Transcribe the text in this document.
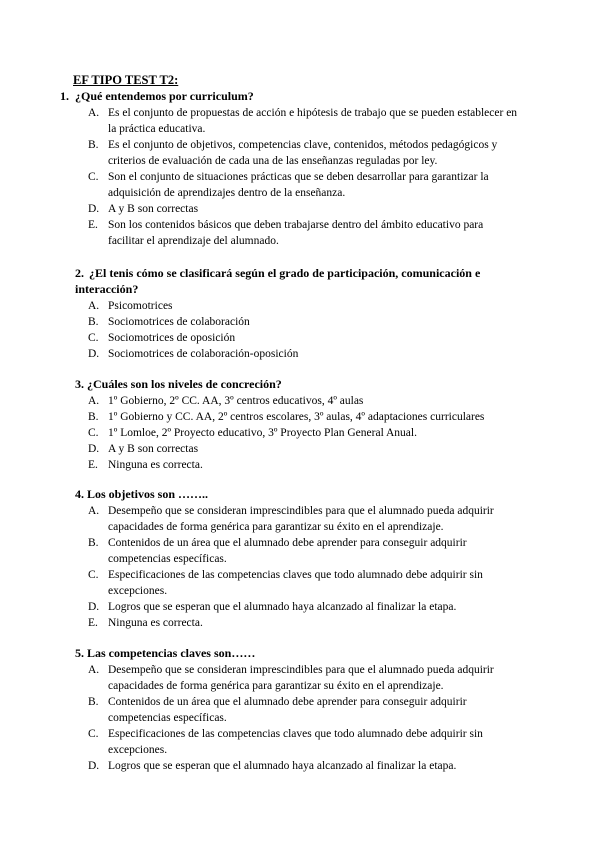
EF TIPO TEST T2:
1. ¿Qué entendemos por curriculum?
A. Es el conjunto de propuestas de acción e hipótesis de trabajo que se pueden establecer en la práctica educativa.
B. Es el conjunto de objetivos, competencias clave, contenidos, métodos pedagógicos y criterios de evaluación de cada una de las enseñanzas reguladas por ley.
C. Son el conjunto de situaciones prácticas que se deben desarrollar para garantizar la adquisición de aprendizajes dentro de la enseñanza.
D. A y B son correctas
E. Son los contenidos básicos que deben trabajarse dentro del ámbito educativo para facilitar el aprendizaje del alumnado.
2. ¿El tenis cómo se clasificará según el grado de participación, comunicación e interacción?
A. Psicomotrices
B. Sociomotrices de colaboración
C. Sociomotrices de oposición
D. Sociomotrices de colaboración-oposición
3. ¿Cuáles son los niveles de concreción?
A. 1º Gobierno, 2º CC. AA, 3º centros educativos, 4º aulas
B. 1º Gobierno y CC. AA, 2º centros escolares, 3º aulas, 4º adaptaciones curriculares
C. 1º Lomloe, 2º Proyecto educativo, 3º Proyecto Plan General Anual.
D. A y B son correctas
E. Ninguna es correcta.
4. Los objetivos son ……..
A. Desempeño que se consideran imprescindibles para que el alumnado pueda adquirir capacidades de forma genérica para garantizar su éxito en el aprendizaje.
B. Contenidos de un área que el alumnado debe aprender para conseguir adquirir competencias específicas.
C. Especificaciones de las competencias claves que todo alumnado debe adquirir sin excepciones.
D. Logros que se esperan que el alumnado haya alcanzado al finalizar la etapa.
E. Ninguna es correcta.
5. Las competencias claves son……
A. Desempeño que se consideran imprescindibles para que el alumnado pueda adquirir capacidades de forma genérica para garantizar su éxito en el aprendizaje.
B. Contenidos de un área que el alumnado debe aprender para conseguir adquirir competencias específicas.
C. Especificaciones de las competencias claves que todo alumnado debe adquirir sin excepciones.
D. Logros que se esperan que el alumnado haya alcanzado al finalizar la etapa.
